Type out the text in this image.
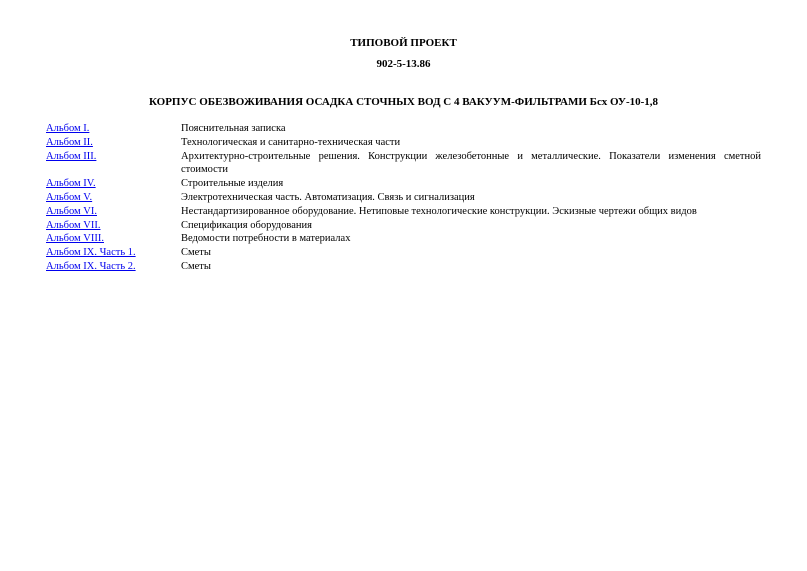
ТИПОВОЙ ПРОЕКТ
902-5-13.86
КОРПУС ОБЕЗВОЖИВАНИЯ ОСАДКА СТОЧНЫХ ВОД С 4 ВАКУУМ-ФИЛЬТРАМИ Бсх ОУ-10-1,8
Альбом I.	Пояснительная записка
Альбом II.	Технологическая и санитарно-техническая части
Альбом III.	Архитектурно-строительные решения. Конструкции железобетонные и металлические. Показатели изменения сметной стоимости
Альбом IV.	Строительные изделия
Альбом V.	Электротехническая часть. Автоматизация. Связь и сигнализация
Альбом VI.	Нестандартизированное оборудование. Нетиповые технологические конструкции. Эскизные чертежи общих видов
Альбом VII.	Спецификация оборудования
Альбом VIII.	Ведомости потребности в материалах
Альбом IX. Часть 1.	Сметы
Альбом IX. Часть 2.	Сметы
